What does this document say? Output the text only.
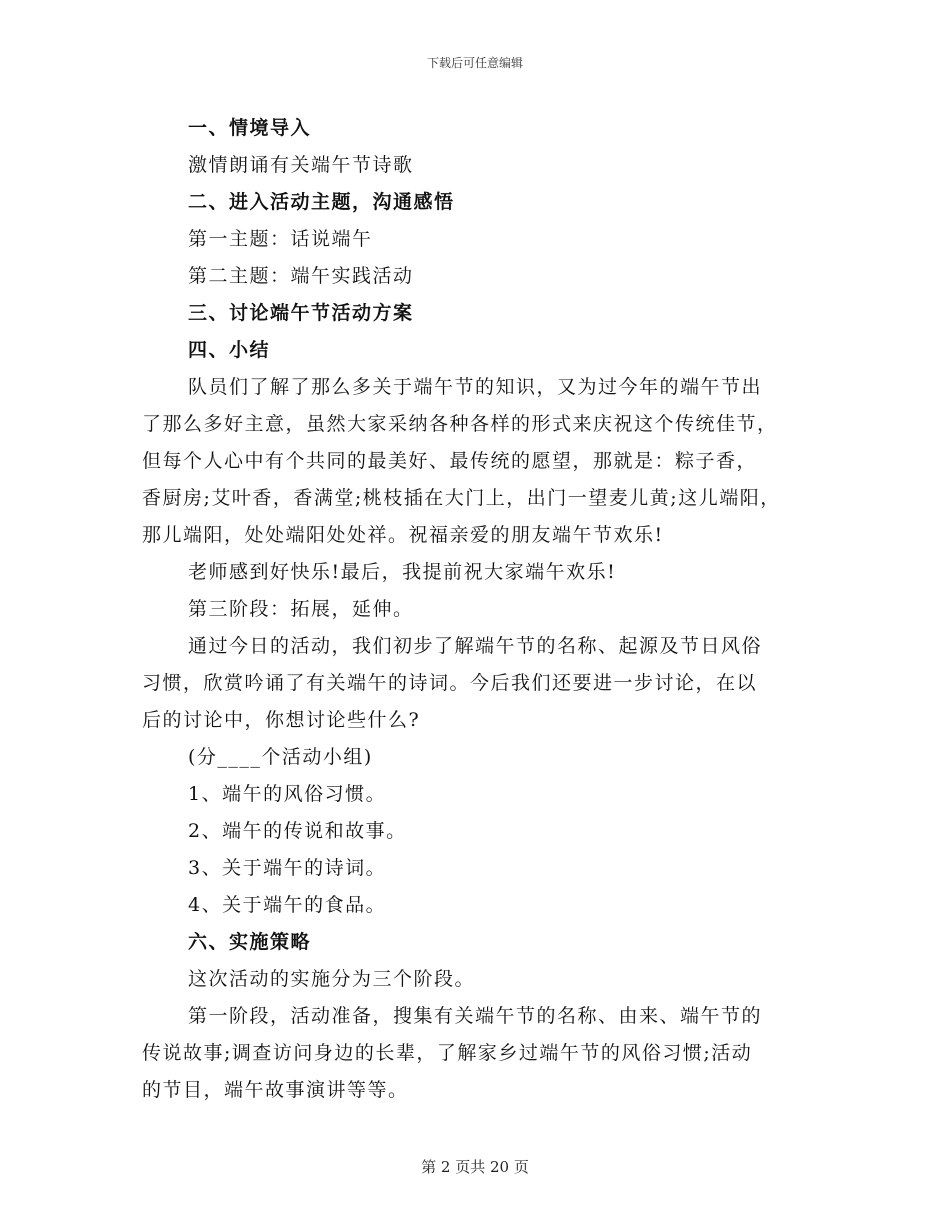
下载后可任意编辑
一、情境导入
激情朗诵有关端午节诗歌
二、进入活动主题，沟通感悟
第一主题：话说端午
第二主题：端午实践活动
三、讨论端午节活动方案
四、小结
队员们了解了那么多关于端午节的知识，又为过今年的端午节出
了那么多好主意，虽然大家采纳各种各样的形式来庆祝这个传统佳节，
但每个人心中有个共同的最美好、最传统的愿望，那就是：粽子香，
香厨房;艾叶香，香满堂;桃枝插在大门上，出门一望麦儿黄;这儿端阳，
那儿端阳，处处端阳处处祥。祝福亲爱的朋友端午节欢乐!
老师感到好快乐!最后，我提前祝大家端午欢乐!
第三阶段：拓展，延伸。
通过今日的活动，我们初步了解端午节的名称、起源及节日风俗
习惯，欣赏吟诵了有关端午的诗词。今后我们还要进一步讨论，在以
后的讨论中，你想讨论些什么?
(分____个活动小组)
1、端午的风俗习惯。
2、端午的传说和故事。
3、关于端午的诗词。
4、关于端午的食品。
六、实施策略
这次活动的实施分为三个阶段。
第一阶段，活动准备，搜集有关端午节的名称、由来、端午节的
传说故事;调查访问身边的长辈，了解家乡过端午节的风俗习惯;活动
的节目，端午故事演讲等等。
第 2 页共 20 页
